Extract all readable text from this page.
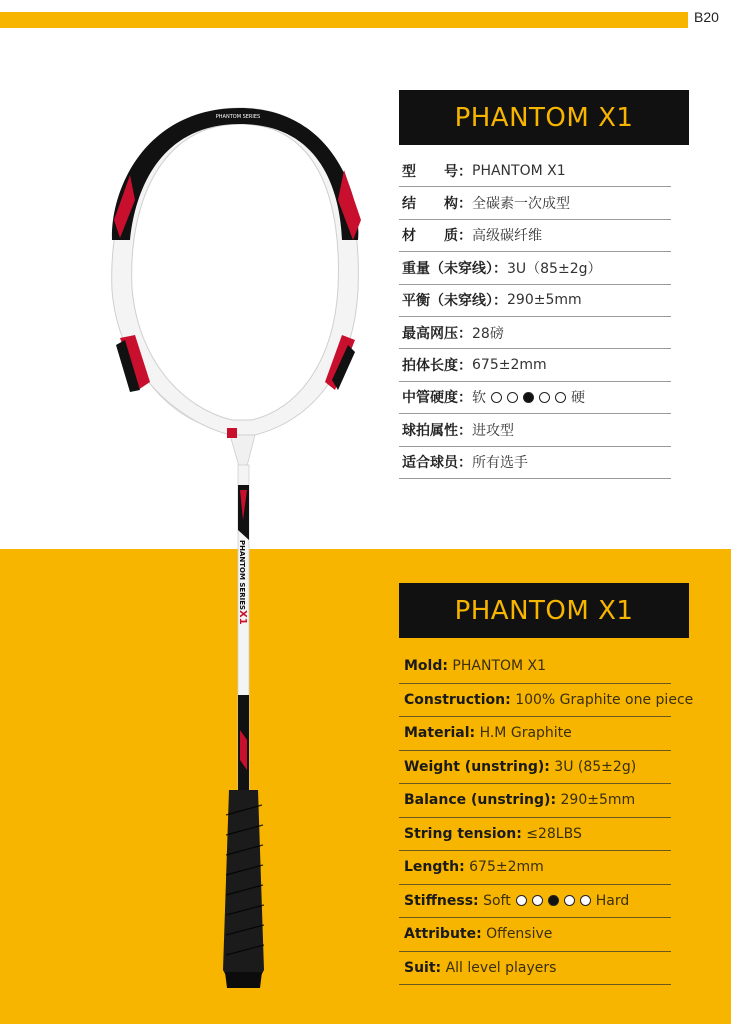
B20
PHANTOM SERIES
PHANTOM SERIES
X1
PHANTOM X1
型　　号： PHANTOM X1
结　　构： 全碳素一次成型
材　　质： 高级碳纤维
重量（未穿线）： 3U（85±2g）
平衡（未穿线）： 290±5mm
最高网压： 28磅
拍体长度： 675±2mm
中管硬度： 软	硬
球拍属性： 进攻型
适合球员： 所有选手
PHANTOM X1
Mold:
PHANTOM X1
Construction:
100% Graphite one piece
Material:
H.M Graphite
Weight (unstring):
3U (85±2g)
Balance (unstring):
290±5mm
String tension:
≤28LBS
Length:
675±2mm
Stiffness:
Soft	Hard
Attribute:
Offensive
Suit:
All level players
